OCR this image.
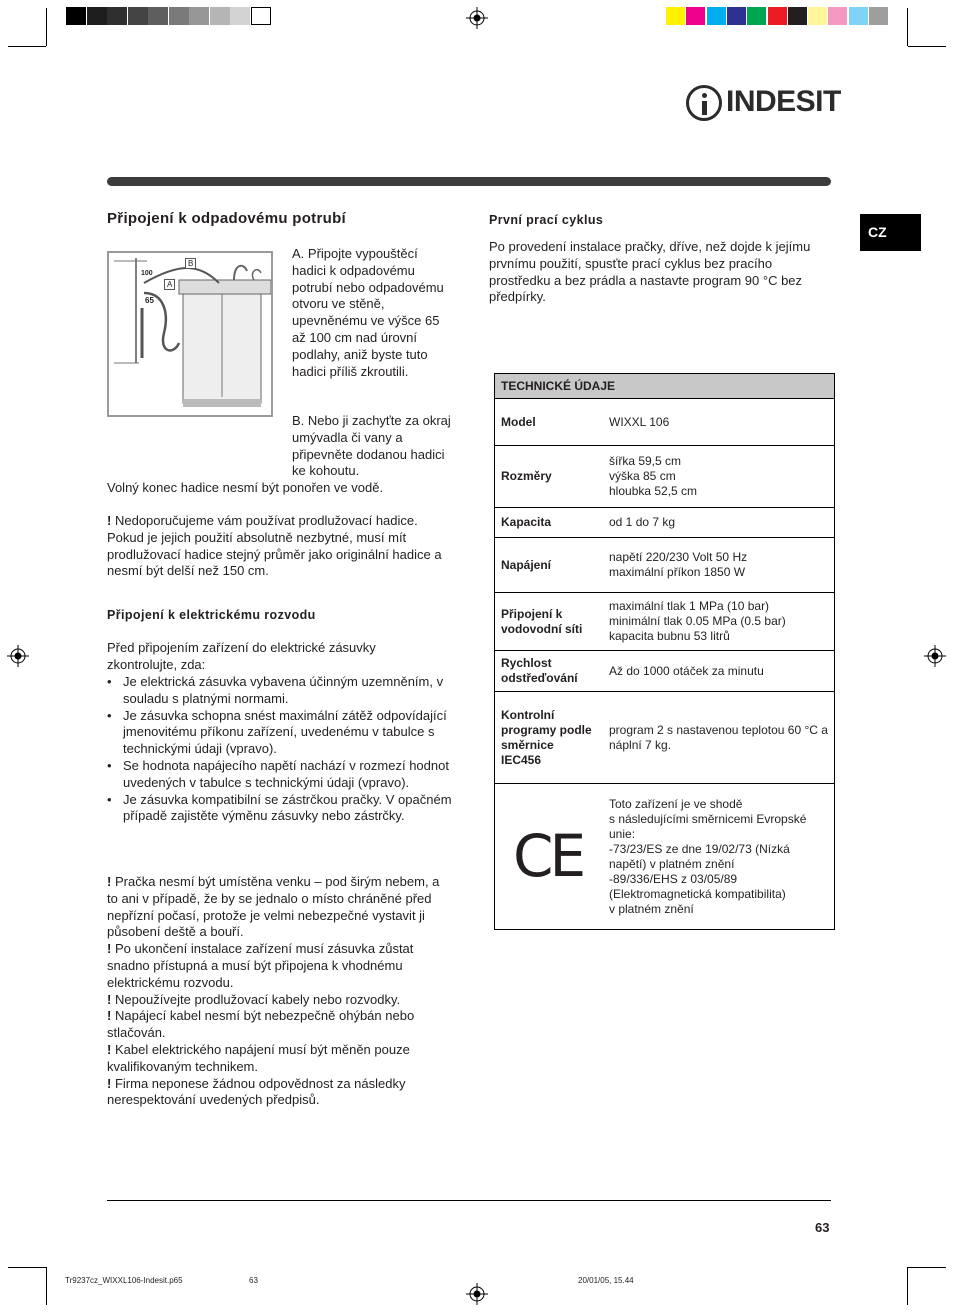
INDESIT
CZ
Připojení k odpadovému potrubí
B
A
100
65
A. Připojte vypouštěcí hadici k odpadovému potrubí nebo odpadovému otvoru ve stěně, upevněnému ve výšce 65 až 100 cm nad úrovní podlahy, aniž byste tuto hadici příliš zkroutili.
B. Nebo ji zachyťte za okraj umývadla či vany a připevněte dodanou hadici ke kohoutu.
Volný konec hadice nesmí být ponořen ve vodě.
! Nedoporučujeme vám používat prodlužovací hadice. Pokud je jejich použití absolutně nezbytné, musí mít prodlužovací hadice stejný průměr jako originální hadice a nesmí být delší než 150 cm.
Připojení k elektrickému rozvodu
Před připojením zařízení do elektrické zásuvky zkontrolujte, zda:
• Je elektrická zásuvka vybavena účinným uzemněním, v souladu s platnými normami.
• Je zásuvka schopna snést maximální zátěž odpovídající jmenovitému příkonu zařízení, uvedenému v tabulce s technickými údaji (vpravo).
• Se hodnota napájecího napětí nachází v rozmezí hodnot uvedených v tabulce s technickými údaji (vpravo).
• Je zásuvka kompatibilní se zástrčkou pračky. V opačném případě zajistěte výměnu zásuvky nebo zástrčky.
! Pračka nesmí být umístěna venku – pod širým nebem, a to ani v případě, že by se jednalo o místo chráněné před nepřízní počasí, protože je velmi nebezpečné vystavit ji působení deště a bouří.
! Po ukončení instalace zařízení musí zásuvka zůstat snadno přístupná a musí být připojena k vhodnému elektrickému rozvodu.
! Nepoužívejte prodlužovací kabely nebo rozvodky.
! Napájecí kabel nesmí být nebezpečně ohýbán nebo stlačován.
! Kabel elektrického napájení musí být měněn pouze kvalifikovaným technikem.
! Firma neponese žádnou odpovědnost za následky nerespektování uvedených předpisů.
První prací cyklus
Po provedení instalace pračky, dříve, než dojde k jejímu prvnímu použití, spusťte prací cyklus bez pracího prostředku a bez prádla a nastavte program 90 °C bez předpírky.
TECHNICKÉ ÚDAJE	
Model	WIXXL 106

Rozměry	šířka 59,5 cm
výška 85 cm
hloubka 52,5 cm

Kapacita	od 1 do 7 kg

Napájení	napětí 220/230 Volt 50 Hz
maximální příkon 1850 W

Připojení k vodovodní síti	maximální tlak 1 MPa (10 bar)
minimální tlak 0.05 MPa (0.5 bar)
kapacita bubnu 53 litrů

Rychlost odstřeďování	Až do 1000 otáček za minutu

Kontrolní programy podle směrnice IEC456	program 2 s nastavenou teplotou 60 °C a náplní 7 kg.

CE	Toto zařízení je ve shodě
s následujícími směrnicemi Evropské unie:
-73/23/ES ze dne 19/02/73 (Nízká napětí) v platném znění
-89/336/EHS z 03/05/89 (Elektromagnetická kompatibilita)
v platném znění
63
Tr9237cz_WIXXL106-Indesit.p65	63	20/01/05, 15.44
